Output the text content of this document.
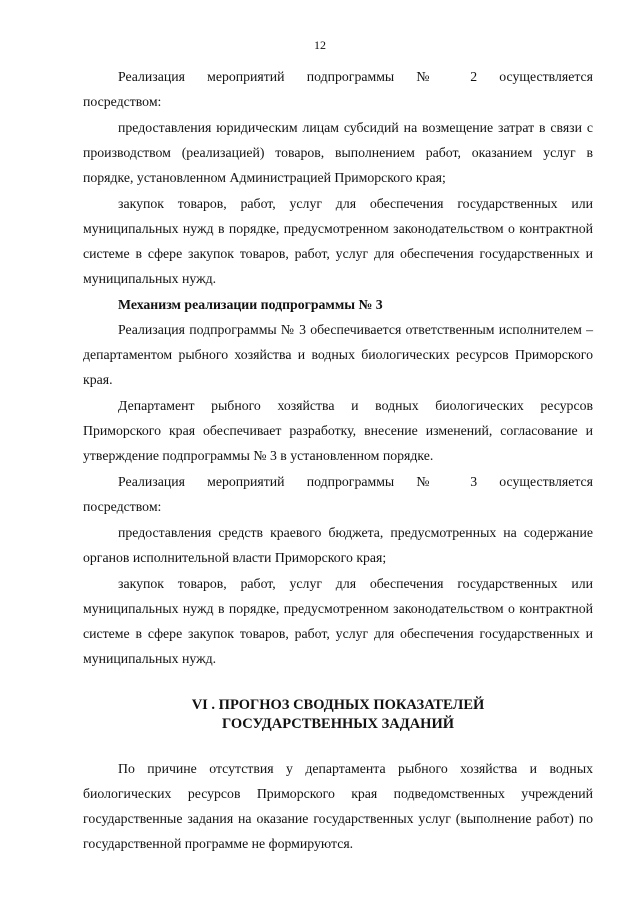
12

Реализация мероприятий подпрограммы № 2 осуществляется

посредством:

предоставления юридическим лицам субсидий на возмещение затрат в связи с производством (реализацией) товаров, выполнением работ, оказанием услуг в порядке, установленном Администрацией Приморского края;

закупок товаров, работ, услуг для обеспечения государственных или муниципальных нужд в порядке, предусмотренном законодательством о контрактной системе в сфере закупок товаров, работ, услуг для обеспечения государственных и муниципальных нужд.

Механизм реализации подпрограммы № 3

Реализация подпрограммы № 3 обеспечивается ответственным исполнителем – департаментом рыбного хозяйства и водных биологических ресурсов Приморского края.

Департамент рыбного хозяйства и водных биологических ресурсов Приморского края обеспечивает разработку, внесение изменений, согласование и утверждение подпрограммы № 3 в установленном порядке.

Реализация мероприятий подпрограммы № 3 осуществляется

посредством:

предоставления средств краевого бюджета, предусмотренных на содержание органов исполнительной власти Приморского края;

закупок товаров, работ, услуг для обеспечения государственных или муниципальных нужд в порядке, предусмотренном законодательством о контрактной системе в сфере закупок товаров, работ, услуг для обеспечения государственных и муниципальных нужд.

VI . ПРОГНОЗ СВОДНЫХ ПОКАЗАТЕЛЕЙ
ГОСУДАРСТВЕННЫХ ЗАДАНИЙ

По причине отсутствия у департамента рыбного хозяйства и водных биологических ресурсов Приморского края подведомственных учреждений государственные задания на оказание государственных услуг (выполнение работ) по государственной программе не формируются.
